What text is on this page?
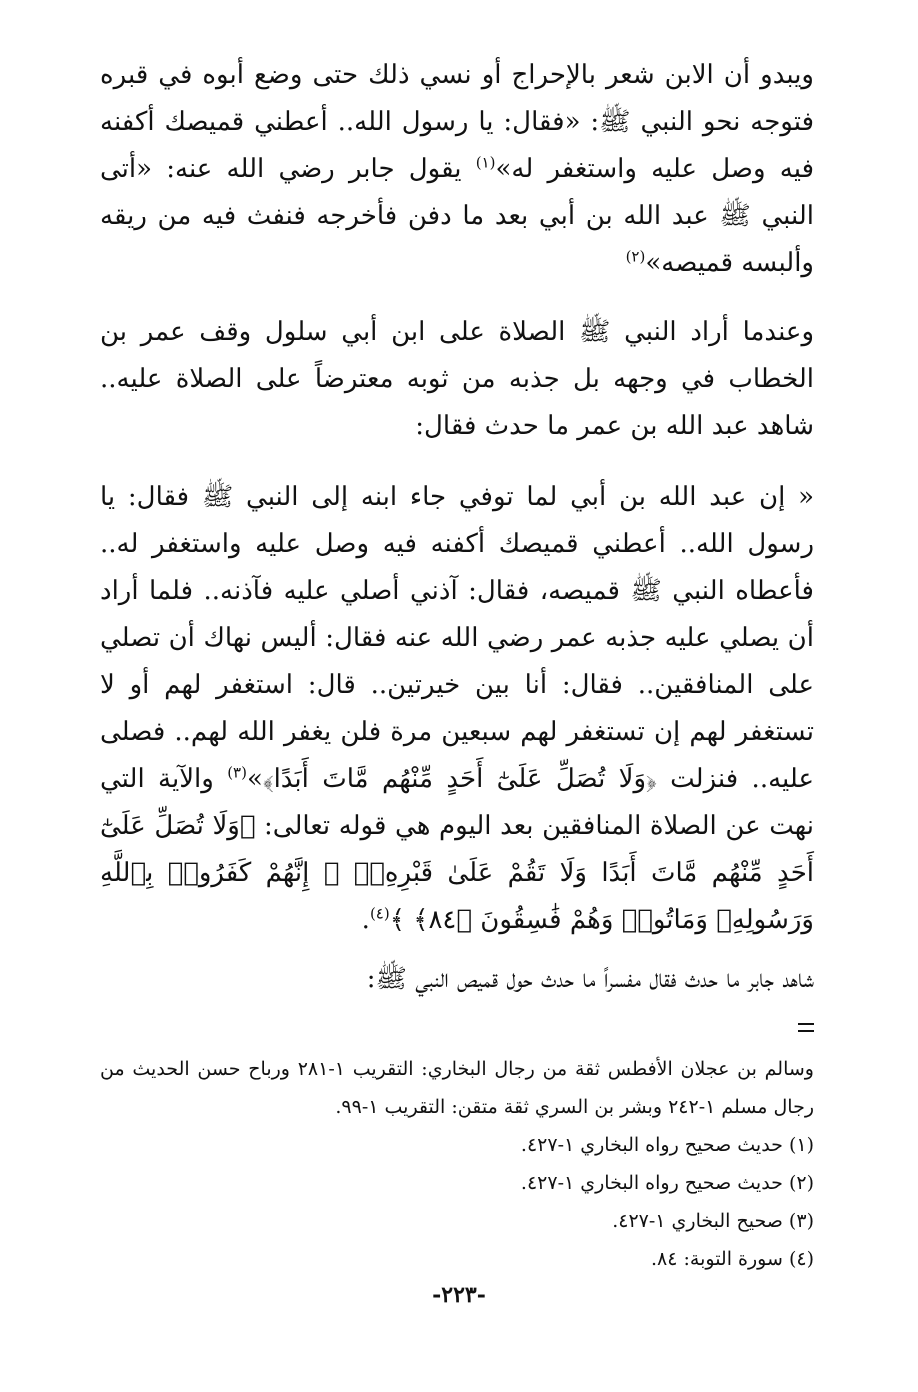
ويبدو أن الابن شعر بالإحراج أو نسي ذلك حتى وضع أبوه في قبره فتوجه نحو النبي ﷺ: «فقال: يا رسول الله.. أعطني قميصك أكفنه فيه وصل عليه واستغفر له»$^{(١)}$ يقول جابر رضي الله عنه: «أتى النبي ﷺ عبد الله بن أبي بعد ما دفن فأخرجه فنفث فيه من ريقه وألبسه قميصه»$^{(٢)}$

وعندما أراد النبي ﷺ الصلاة على ابن أبي سلول وقف عمر بن الخطاب في وجهه بل جذبه من ثوبه معترضاً على الصلاة عليه.. شاهد عبد الله بن عمر ما حدث فقال:

« إن عبد الله بن أبي لما توفي جاء ابنه إلى النبي ﷺ فقال: يا رسول الله.. أعطني قميصك أكفنه فيه وصل عليه واستغفر له.. فأعطاه النبي ﷺ قميصه، فقال: آذني أصلي عليه فآذنه.. فلما أراد أن يصلي عليه جذبه عمر رضي الله عنه فقال: أليس نهاك أن تصلي على المنافقين.. فقال: أنا بين خيرتين.. قال: استغفر لهم أو لا تستغفر لهم إن تستغفر لهم سبعين مرة فلن يغفر الله لهم.. فصلى عليه.. فنزلت ﴿وَلَا تُصَلِّ عَلَىٰٓ أَحَدٍ مِّنْهُم مَّاتَ أَبَدًا﴾»$^{(٣)}$ والآية التي نهت عن الصلاة المنافقين بعد اليوم هي قوله تعالى: ﴿وَلَا تُصَلِّ عَلَىٰٓ أَحَدٍ مِّنْهُم مَّاتَ أَبَدًا وَلَا تَقُمْ عَلَىٰ قَبْرِهِۦٓ ۖ إِنَّهُمْ كَفَرُوا۟ بِٱللَّهِ وَرَسُولِهِۦ وَمَاتُوا۟ وَهُمْ فَٰسِقُونَ ﴿٨٤﴾ ﴾$^{(٤)}$.

شاهد جابر ما حدث فقال مفسراً ما حدث حول قميص النبي ﷺ:

وسالم بن عجلان الأفطس ثقة من رجال البخاري: التقريب ١-٢٨١ ورباح حسن الحديث من رجال مسلم ١-٢٤٢ وبشر بن السري ثقة متقن: التقريب ١-٩٩.

(١) حديث صحيح رواه البخاري ١-٤٢٧.

(٢) حديث صحيح رواه البخاري ١-٤٢٧.

(٣) صحيح البخاري ١-٤٢٧.

(٤) سورة التوبة: ٨٤.

-٢٢٣-
